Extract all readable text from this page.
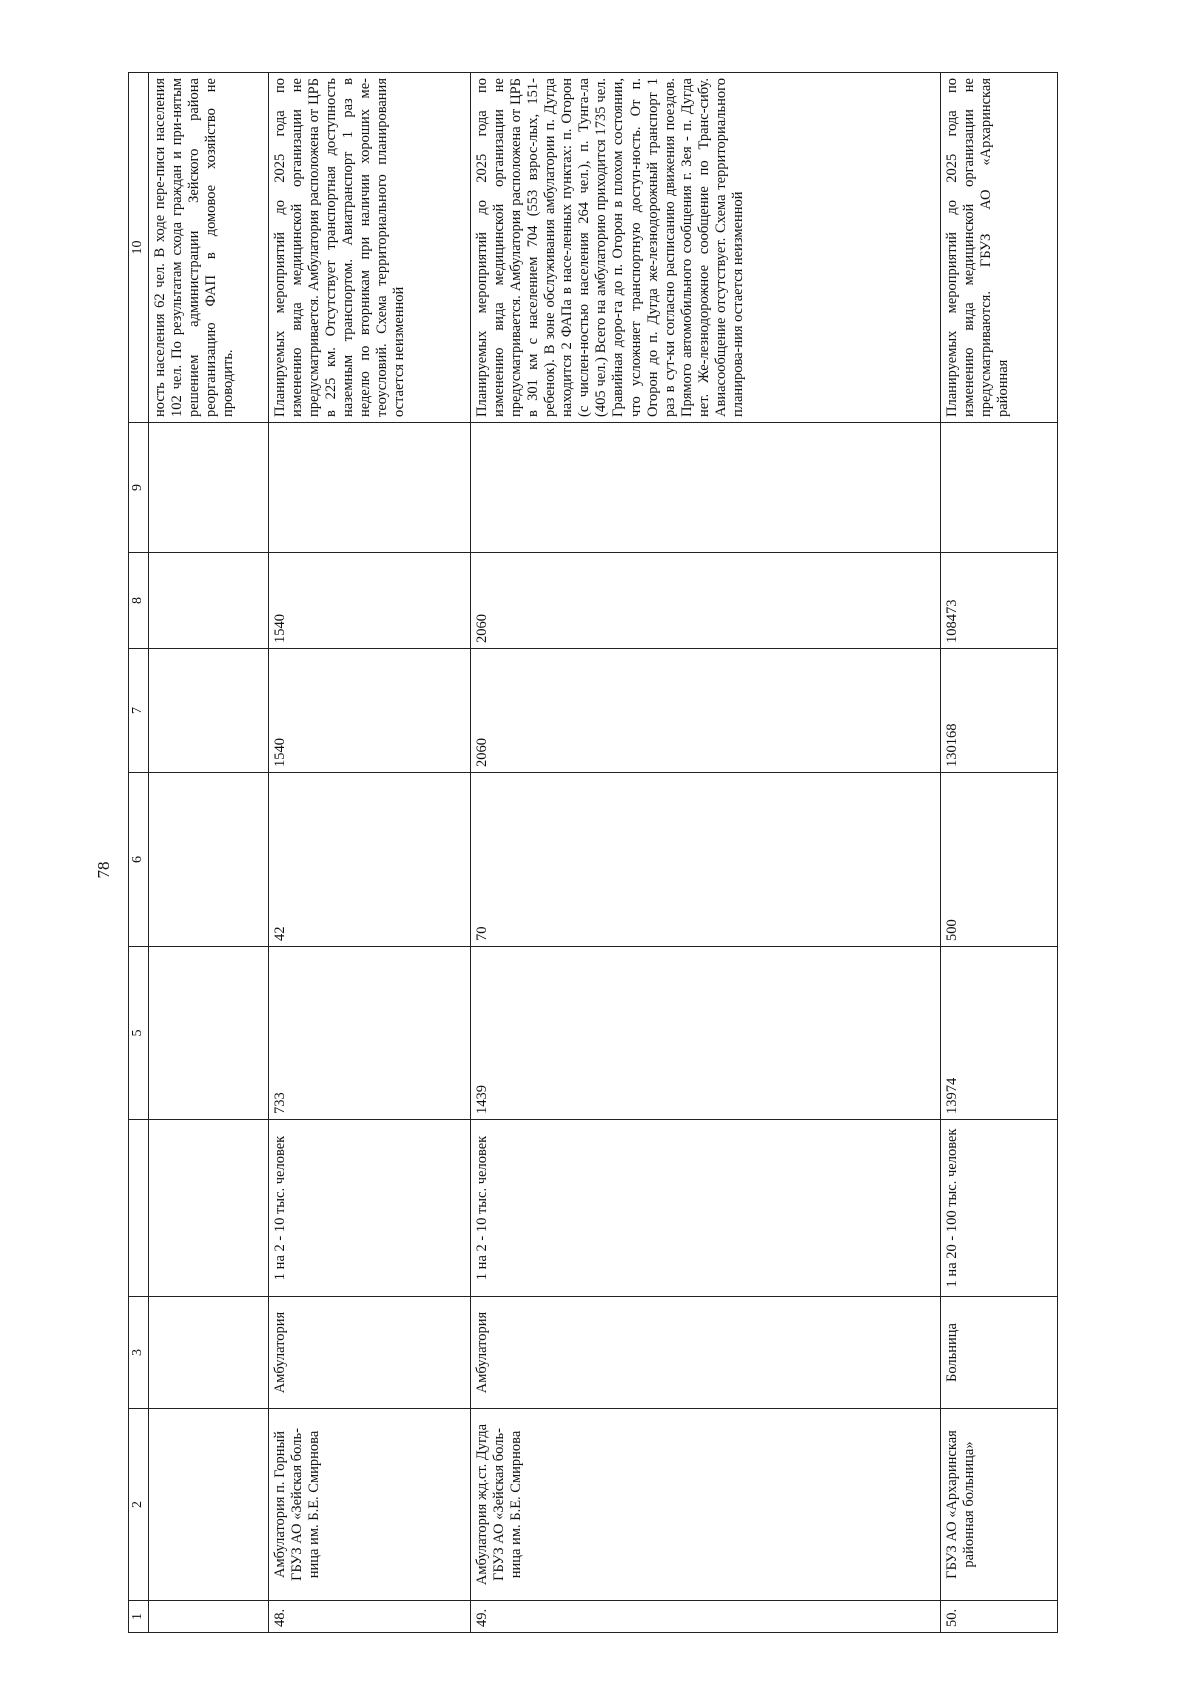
78
1	2	3		5	6	7	8	9	10
									ность населения 62 чел. В ходе пере-писи населения 102 чел. По результатам схода граждан и при-нятым решением администрации Зейского района реорганизацию ФАП в домовое хозяйство не проводить.
48.	Амбулатория п. Горный ГБУЗ АО «Зейская боль-ница им. Б.Е. Смирнова	Амбулатория	1 на 2 - 10 тыс. человек	733	42	1540	1540		Планируемых мероприятий до 2025 года по изменению вида медицинской организации не предусматривается. Амбулатория расположена от ЦРБ в 225 км. Отсутствует транспортная доступность наземным транспортом. Авиатранспорт 1 раз в неделю по вторникам при наличии хороших ме-теоусловий. Схема территориального планирования остается неизменной
49.	Амбулатория жд.ст. Дугда ГБУЗ АО «Зейская боль-ница им. Б.Е. Смирнова	Амбулатория	1 на 2 - 10 тыс. человек	1439	70	2060	2060		Планируемых мероприятий до 2025 года по изменению вида медицинской организации не предусматривается. Амбулатория расположена от ЦРБ в 301 км с населением 704 (553 взрос-лых, 151- ребенок). В зоне обслуживания амбулатории п. Дугда находится 2 ФАПа в насе-ленных пунктах: п. Огорон (с числен-ностью населения 264 чел.), п. Тунга-ла (405 чел.) Всего на амбулаторию приходится 1735 чел. Гравийная доро-га до п. Огорон в плохом состоянии, что усложняет транспортную доступ-ность. От п. Огорон до п. Дугда же-лезнодорожный транспорт 1 раз в сут-ки согласно расписанию движения поездов. Прямого автомобильного сообщения г. Зея - п. Дугда нет. Же-лезнодорожное сообщение по Транс-сибу. Авиасообщение отсутствует. Схема территориального планирова-ния остается неизменной
50.	ГБУЗ АО «Архаринская районная больница»	Больница	1 на 20 - 100 тыс. человек	13974	500	130168	108473		Планируемых мероприятий до 2025 года по изменению вида медицинской организации не предусматриваются. ГБУЗ АО «Архаринская районная
